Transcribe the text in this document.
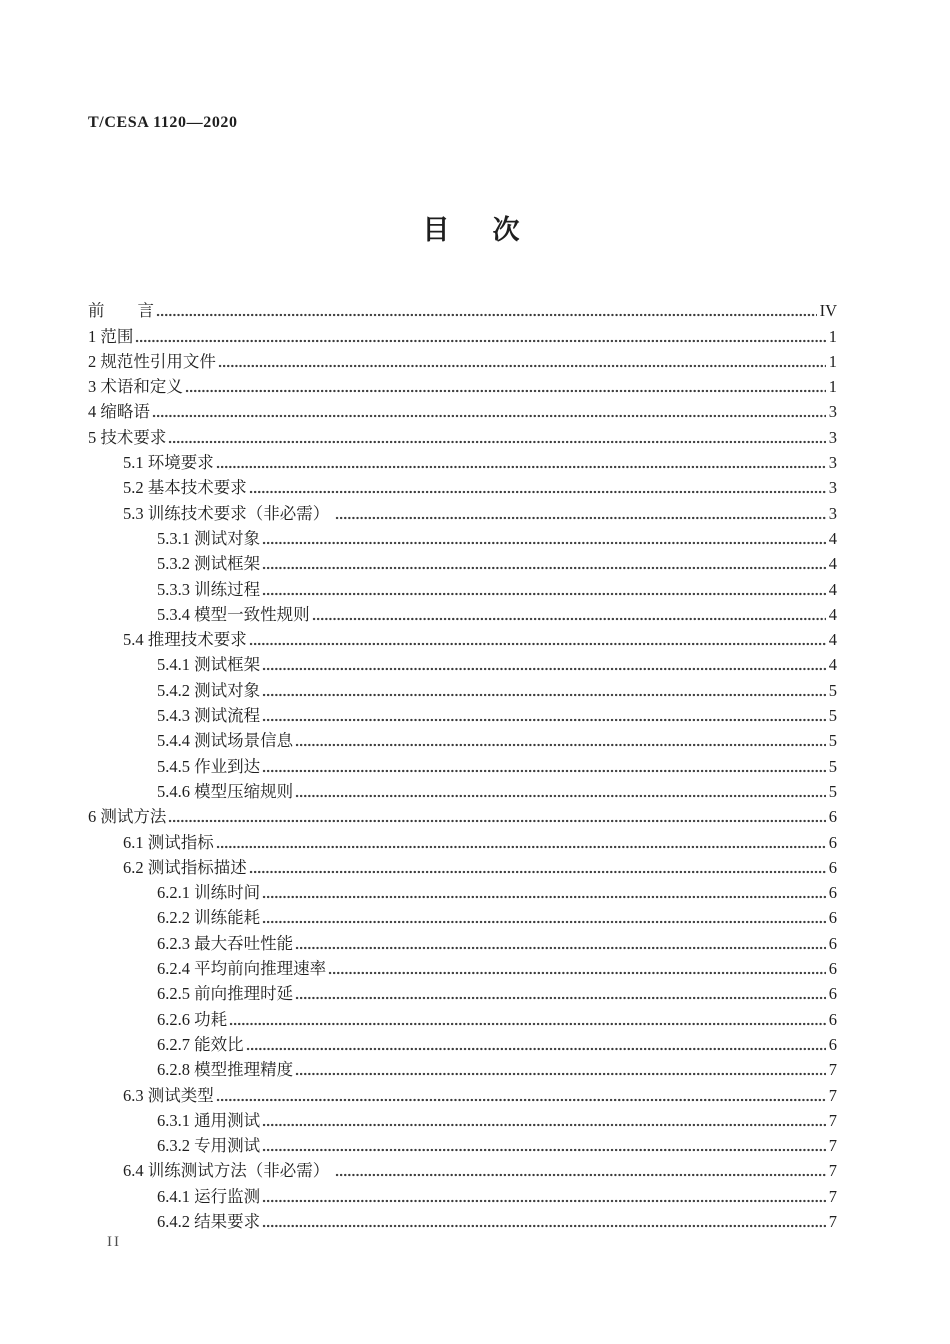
T/CESA 1120—2020
目　次
前　　言	IV
1 范围	1
2 规范性引用文件	1
3 术语和定义	1
4 缩略语	3
5 技术要求	3
5.1 环境要求	3
5.2 基本技术要求	3
5.3 训练技术要求（非必需）	3
5.3.1 测试对象	4
5.3.2 测试框架	4
5.3.3 训练过程	4
5.3.4 模型一致性规则	4
5.4 推理技术要求	4
5.4.1 测试框架	4
5.4.2 测试对象	5
5.4.3 测试流程	5
5.4.4 测试场景信息	5
5.4.5 作业到达	5
5.4.6 模型压缩规则	5
6 测试方法	6
6.1 测试指标	6
6.2 测试指标描述	6
6.2.1 训练时间	6
6.2.2 训练能耗	6
6.2.3 最大吞吐性能	6
6.2.4 平均前向推理速率	6
6.2.5 前向推理时延	6
6.2.6 功耗	6
6.2.7 能效比	6
6.2.8 模型推理精度	7
6.3 测试类型	7
6.3.1 通用测试	7
6.3.2 专用测试	7
6.4 训练测试方法（非必需）	7
6.4.1 运行监测	7
6.4.2 结果要求	7
II
